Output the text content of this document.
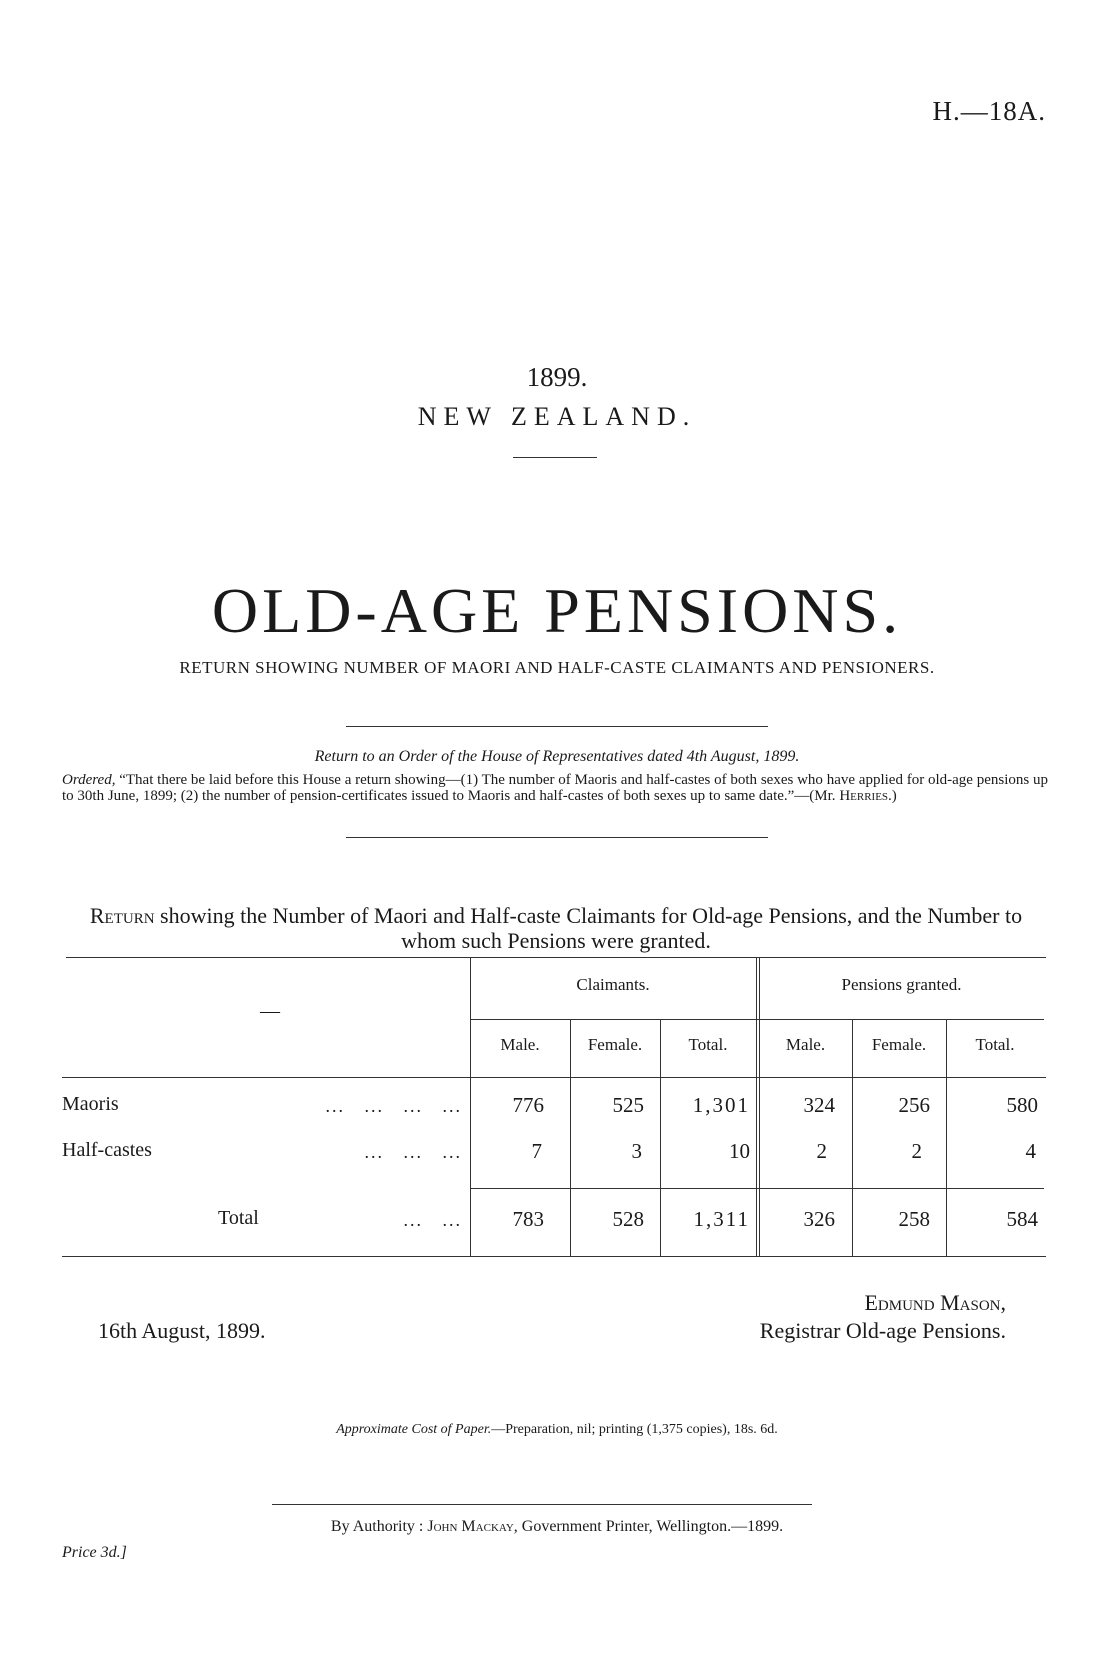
H.—18A.
1899.
NEW ZEALAND.
OLD-AGE PENSIONS.
RETURN SHOWING NUMBER OF MAORI AND HALF-CASTE CLAIMANTS AND PENSIONERS.
Return to an Order of the House of Representatives dated 4th August, 1899.
Ordered, “That there be laid before this House a return showing—(1) The number of Maoris and half-castes of both sexes who have applied for old-age pensions up to 30th June, 1899; (2) the number of pension-certificates issued to Maoris and half-castes of both sexes up to same date.”—(Mr. Herries.)
Return showing the Number of Maori and Half-caste Claimants for Old-age Pensions, and the Number to whom such Pensions were granted.
—
Claimants.	Pensions granted.
Male.	Female.	Total.	Male.	Female.	Total.
Maoris	...   ...   ...   ...	776	525	1,301	324	256	580
Half-castes	...   ...   ...	7	3	10	2	2	4
Total	...   ...	783	528	1,311	326	258	584
16th August, 1899.
Edmund Mason,
Registrar Old-age Pensions.
Approximate Cost of Paper.—Preparation, nil; printing (1,375 copies), 18s. 6d.
By Authority : John Mackay, Government Printer, Wellington.—1899.
Price 3d.]
